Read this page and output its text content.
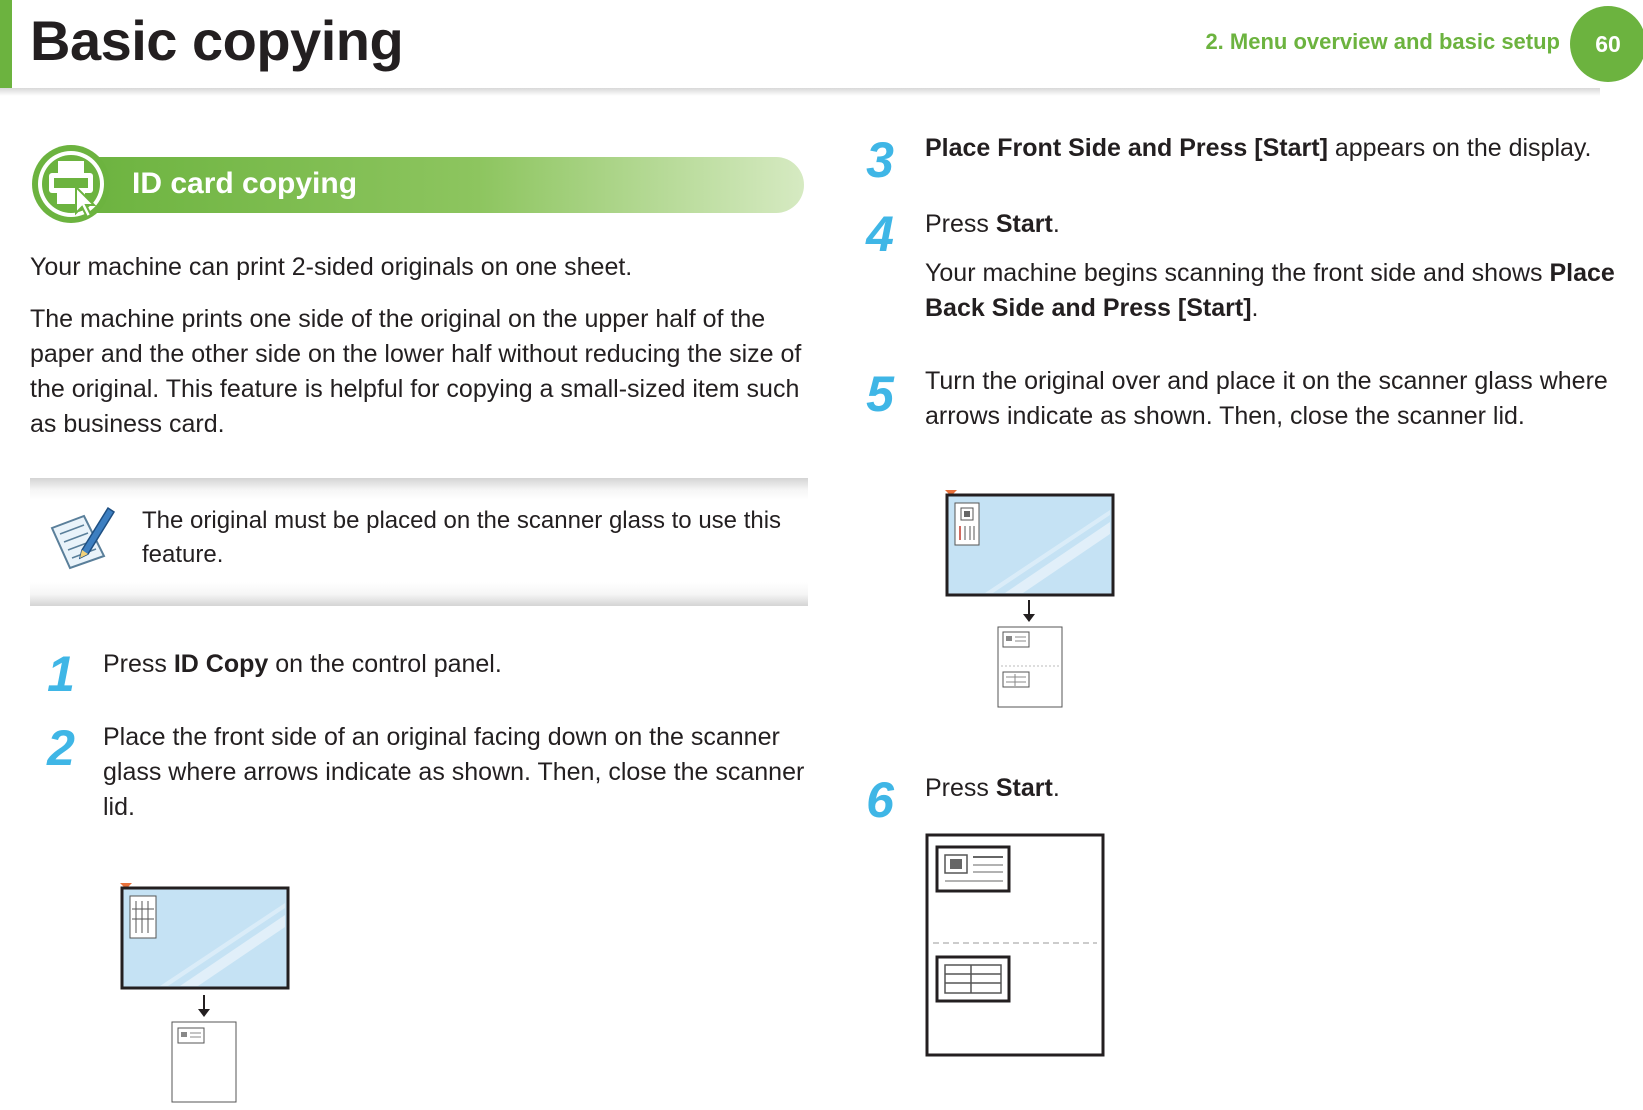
Basic copying	2. Menu overview and basic setup	60
ID card copying
Your machine can print 2-sided originals on one sheet.
The machine prints one side of the original on the upper half of the paper and the other side on the lower half without reducing the size of the original. This feature is helpful for copying a small-sized item such as business card.
The original must be placed on the scanner glass to use this feature.
1	Press ID Copy on the control panel.
2	Place the front side of an original facing down on the scanner glass where arrows indicate as shown. Then, close the scanner lid.
3	Place Front Side and Press [Start] appears on the display.
4	Press Start.
Your machine begins scanning the front side and shows Place Back Side and Press [Start].
5	Turn the original over and place it on the scanner glass where arrows indicate as shown. Then, close the scanner lid.
6	Press Start.
